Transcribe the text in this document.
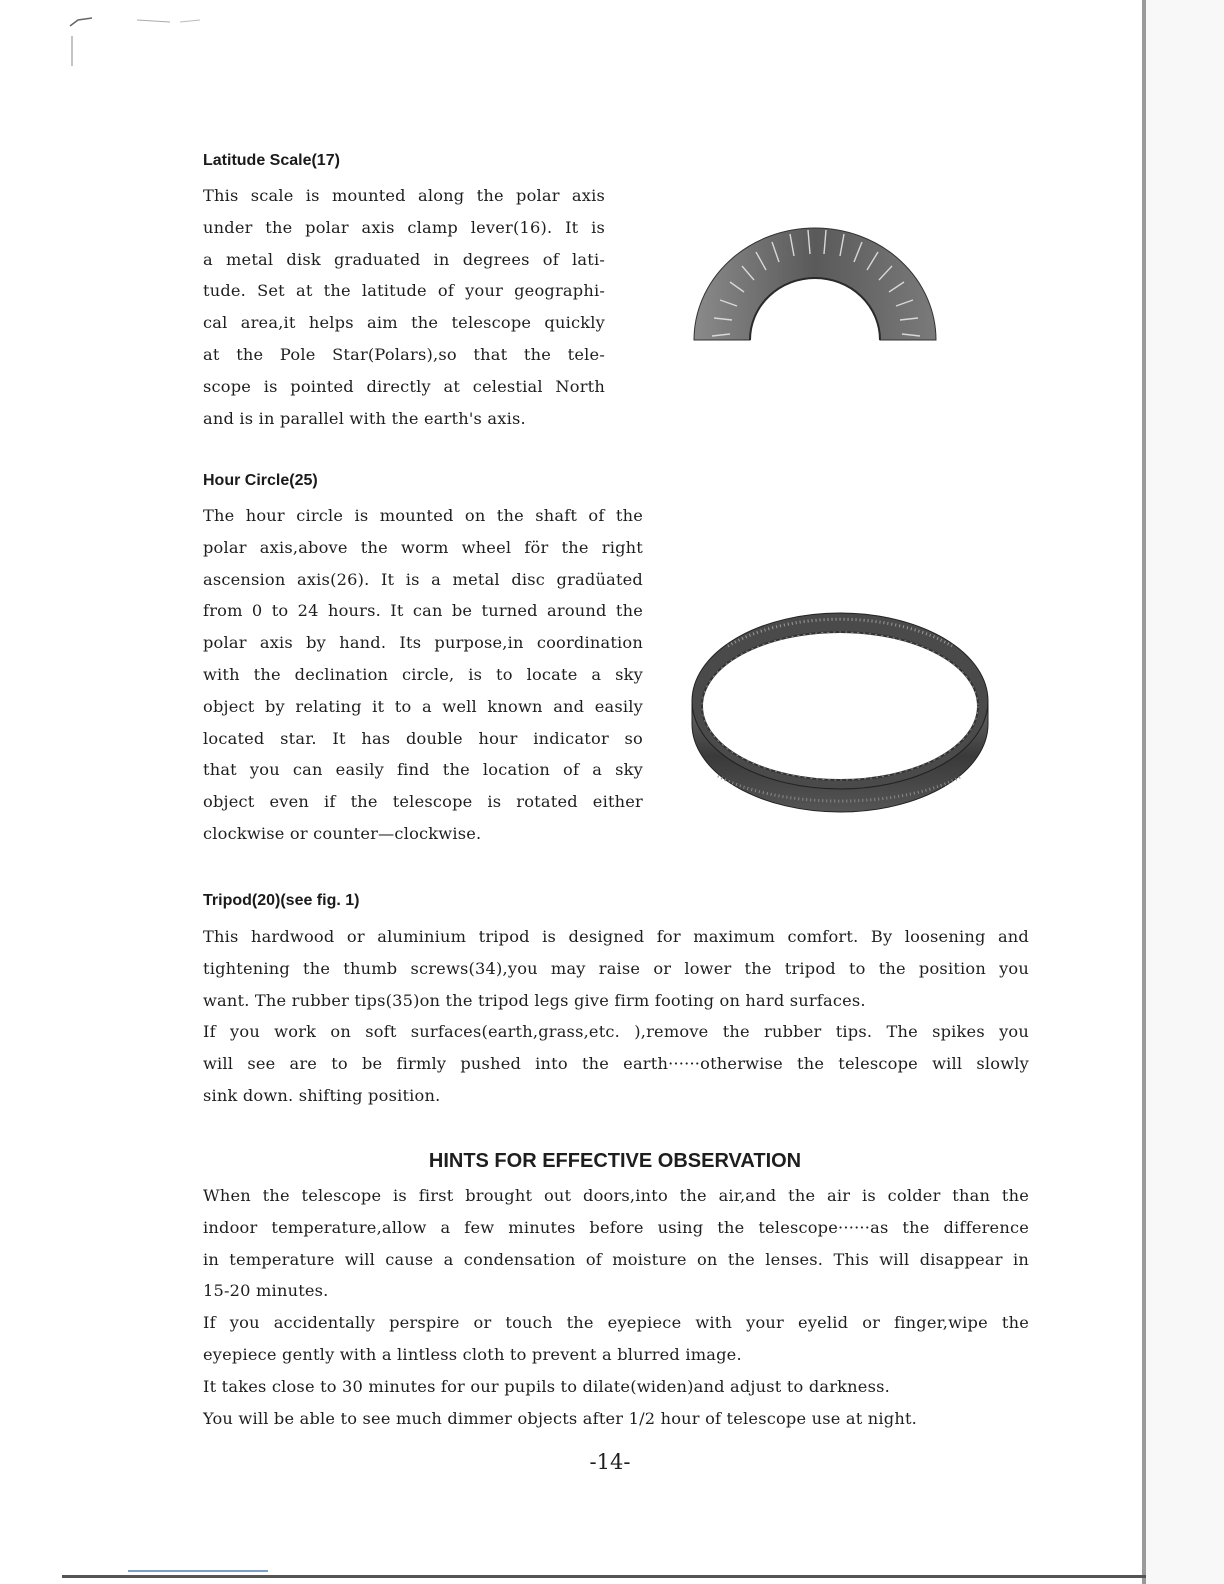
Latitude Scale(17)
This scale is mounted along the polar axis
under the polar axis clamp lever(16). It is
a metal disk graduated in degrees of lati-
tude. Set at the latitude of your geographi-
cal area,it helps aim the telescope quickly
at the Pole Star(Polars),so that the tele-
scope is pointed directly at celestial North
and is in parallel with the earth's axis.
Hour Circle(25)
The hour circle is mounted on the shaft of the
polar axis,above the worm wheel för the right
ascension axis(26). It is a metal disc gradüated
from 0 to 24 hours. It can be turned around the
polar axis by hand. Its purpose,in coordination
with the declination circle, is to locate a sky
object by relating it to a well known and easily
located star. It has double hour indicator so
that you can easily find the location of a sky
object even if the telescope is rotated either
clockwise or counter—clockwise.
Tripod(20)(see fig. 1)
This hardwood or aluminium tripod is designed for maximum comfort. By loosening and
tightening the thumb screws(34),you may raise or lower the tripod to the position you
want. The rubber tips(35)on the tripod legs give firm footing on hard surfaces.
If you work on soft surfaces(earth,grass,etc. ),remove the rubber tips. The spikes you
will see are to be firmly pushed into the earth······otherwise the telescope will slowly
sink down. shifting position.
HINTS FOR EFFECTIVE OBSERVATION
When the telescope is first brought out doors,into the air,and the air is colder than the
indoor temperature,allow a few minutes before using the telescope······as the difference
in temperature will cause a condensation of moisture on the lenses. This will disappear in
15-20 minutes.
If you accidentally perspire or touch the eyepiece with your eyelid or finger,wipe the
eyepiece gently with a lintless cloth to prevent a blurred image.
It takes close to 30 minutes for our pupils to dilate(widen)and adjust to darkness.
You will be able to see much dimmer objects after 1/2 hour of telescope use at night.
-14-
